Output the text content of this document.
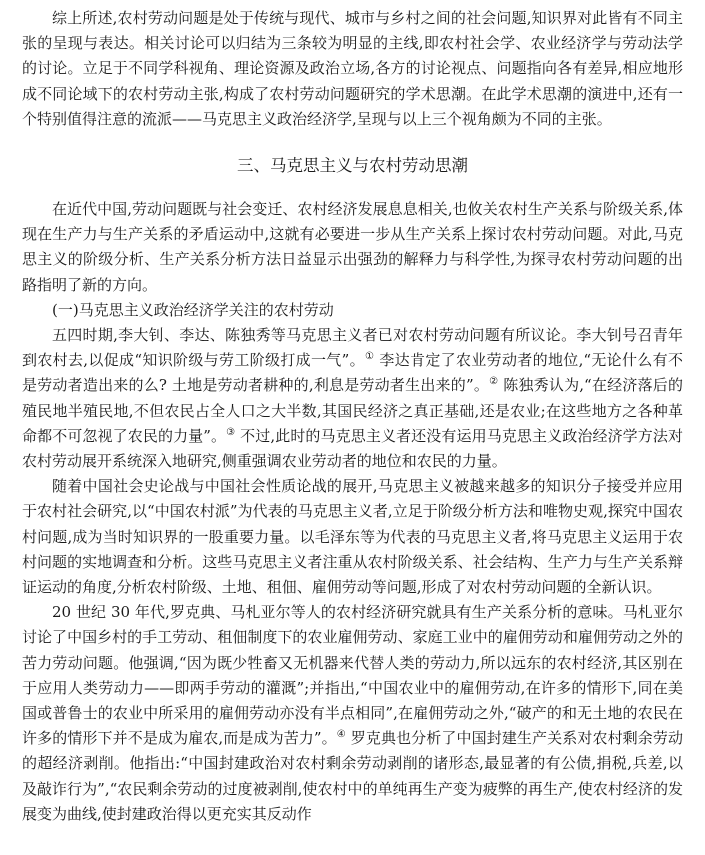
综上所述,农村劳动问题是处于传统与现代、城市与乡村之间的社会问题,知识界对此皆有不同主张的呈现与表达。相关讨论可以归结为三条较为明显的主线,即农村社会学、农业经济学与劳动法学的讨论。立足于不同学科视角、理论资源及政治立场,各方的讨论视点、问题指向各有差异,相应地形成不同论域下的农村劳动主张,构成了农村劳动问题研究的学术思潮。在此学术思潮的演进中,还有一个特别值得注意的流派——马克思主义政治经济学,呈现与以上三个视角颇为不同的主张。

三、马克思主义与农村劳动思潮

在近代中国,劳动问题既与社会变迁、农村经济发展息息相关,也攸关农村生产关系与阶级关系,体现在生产力与生产关系的矛盾运动中,这就有必要进一步从生产关系上探讨农村劳动问题。对此,马克思主义的阶级分析、生产关系分析方法日益显示出强劲的解释力与科学性,为探寻农村劳动问题的出路指明了新的方向。

(一)马克思主义政治经济学关注的农村劳动

五四时期,李大钊、李达、陈独秀等马克思主义者已对农村劳动问题有所议论。李大钊号召青年到农村去,以促成“知识阶级与劳工阶级打成一气”。① 李达肯定了农业劳动者的地位,“无论什么有不是劳动者造出来的么? 土地是劳动者耕种的,利息是劳动者生出来的”。② 陈独秀认为,“在经济落后的殖民地半殖民地,不但农民占全人口之大半数,其国民经济之真正基础,还是农业;在这些地方之各种革命都不可忽视了农民的力量”。③ 不过,此时的马克思主义者还没有运用马克思主义政治经济学方法对农村劳动展开系统深入地研究,侧重强调农业劳动者的地位和农民的力量。

随着中国社会史论战与中国社会性质论战的展开,马克思主义被越来越多的知识分子接受并应用于农村社会研究,以“中国农村派”为代表的马克思主义者,立足于阶级分析方法和唯物史观,探究中国农村问题,成为当时知识界的一股重要力量。以毛泽东等为代表的马克思主义者,将马克思主义运用于农村问题的实地调查和分析。这些马克思主义者注重从农村阶级关系、社会结构、生产力与生产关系辩证运动的角度,分析农村阶级、土地、租佃、雇佣劳动等问题,形成了对农村劳动问题的全新认识。

20 世纪 30 年代,罗克典、马札亚尔等人的农村经济研究就具有生产关系分析的意味。马札亚尔讨论了中国乡村的手工劳动、租佃制度下的农业雇佣劳动、家庭工业中的雇佣劳动和雇佣劳动之外的苦力劳动问题。他强调,“因为既少牲畜又无机器来代替人类的劳动力,所以远东的农村经济,其区别在于应用人类劳动力——即两手劳动的灌溉”;并指出,“中国农业中的雇佣劳动,在许多的情形下,同在美国或普鲁士的农业中所采用的雇佣劳动亦没有半点相同”,在雇佣劳动之外,“破产的和无土地的农民在许多的情形下并不是成为雇农,而是成为苦力”。④ 罗克典也分析了中国封建生产关系对农村剩余劳动的超经济剥削。他指出:“中国封建政治对农村剩余劳动剥削的诸形态,最显著的有公债,捐税,兵差,以及敲诈行为”,“农民剩余劳动的过度被剥削,使农村中的单纯再生产变为疲弊的再生产,使农村经济的发展变为曲线,使封建政治得以更充实其反动作
